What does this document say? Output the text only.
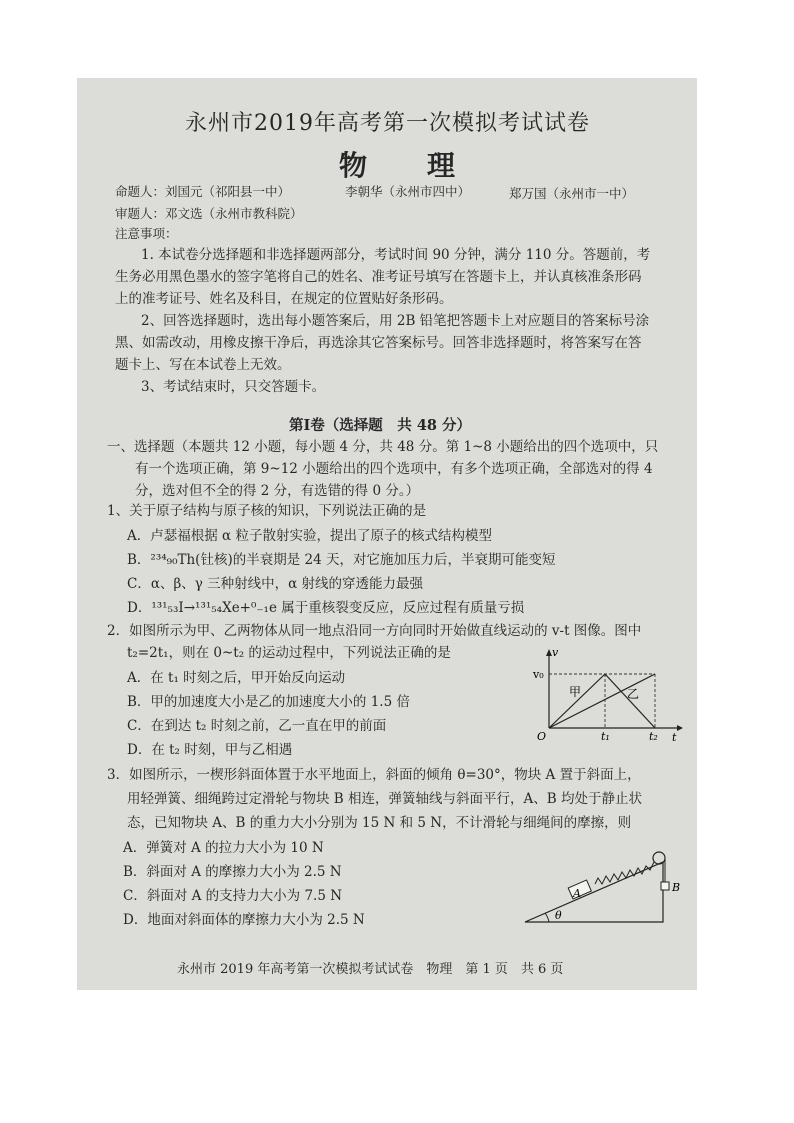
永州市2019年高考第一次模拟考试试卷
物 理
命题人：刘国元（祁阳县一中）	李朝华（永州市四中）	郑万国（永州市一中）
审题人：邓文选（永州市教科院）
注意事项：
1. 本试卷分选择题和非选择题两部分，考试时间 90 分钟，满分 110 分。答题前，考
生务必用黑色墨水的签字笔将自己的姓名、准考证号填写在答题卡上，并认真核准条形码
上的准考证号、姓名及科目，在规定的位置贴好条形码。
2、回答选择题时，选出每小题答案后，用 2B 铅笔把答题卡上对应题目的答案标号涂
黑、如需改动，用橡皮擦干净后，再选涂其它答案标号。回答非选择题时，将答案写在答
题卡上、写在本试卷上无效。
3、考试结束时，只交答题卡。
第Ⅰ卷（选择题　共 48 分）
一、选择题（本题共 12 小题，每小题 4 分，共 48 分。第 1~8 小题给出的四个选项中，只
有一个选项正确，第 9~12 小题给出的四个选项中，有多个选项正确，全部选对的得 4
分，选对但不全的得 2 分，有选错的得 0 分。）
1、关于原子结构与原子核的知识，下列说法正确的是
A．卢瑟福根据 α 粒子散射实验，提出了原子的核式结构模型
B．²³⁴₉₀Th(钍核)的半衰期是 24 天，对它施加压力后，半衰期可能变短
C．α、β、γ 三种射线中，α 射线的穿透能力最强
D．¹³¹₅₃I→¹³¹₅₄Xe+⁰₋₁e 属于重核裂变反应，反应过程有质量亏损
2．如图所示为甲、乙两物体从同一地点沿同一方向同时开始做直线运动的 v-t 图像。图中
t₂=2t₁，则在 0~t₂ 的运动过程中，下列说法正确的是
A．在 t₁ 时刻之后，甲开始反向运动
B．甲的加速度大小是乙的加速度大小的 1.5 倍
C．在到达 t₂ 时刻之前，乙一直在甲的前面
D．在 t₂ 时刻，甲与乙相遇
v₀
v
O	t₁	t₂ t
甲	乙
3．如图所示，一楔形斜面体置于水平地面上，斜面的倾角 θ=30°，物块 A 置于斜面上，
用轻弹簧、细绳跨过定滑轮与物块 B 相连，弹簧轴线与斜面平行，A、B 均处于静止状
态，已知物块 A、B 的重力大小分别为 15 N 和 5 N，不计滑轮与细绳间的摩擦，则
A．弹簧对 A 的拉力大小为 10 N
B．斜面对 A 的摩擦力大小为 2.5 N
C．斜面对 A 的支持力大小为 7.5 N
D．地面对斜面体的摩擦力大小为 2.5 N	θ
A	B
永州市 2019 年高考第一次模拟考试试卷　物理　第 1 页　共 6 页
